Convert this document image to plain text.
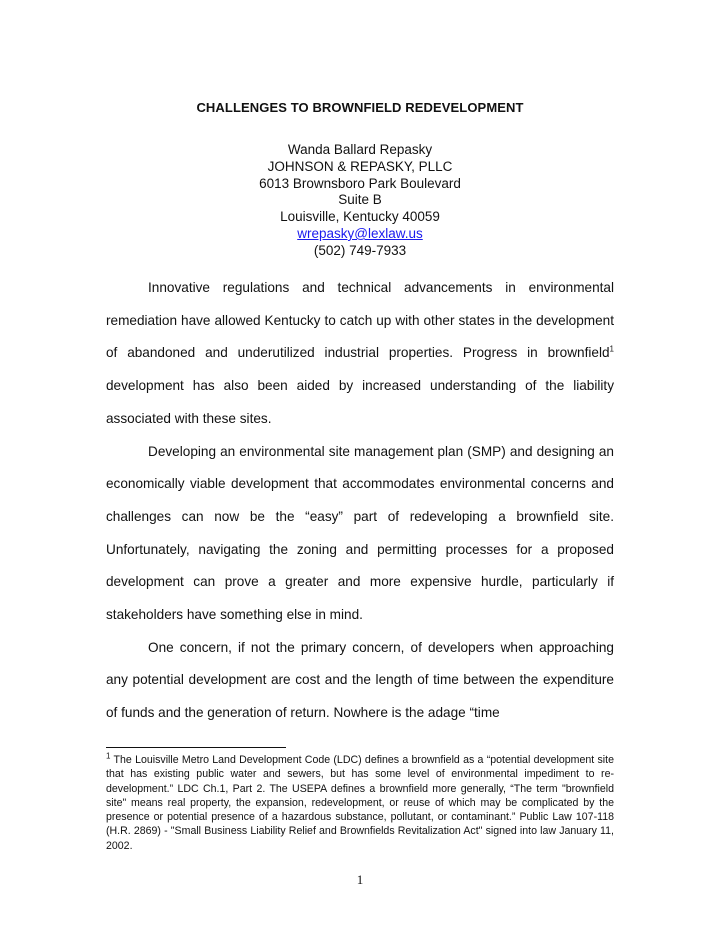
CHALLENGES TO BROWNFIELD REDEVELOPMENT
Wanda Ballard Repasky
JOHNSON & REPASKY, PLLC
6013 Brownsboro Park Boulevard
Suite B
Louisville, Kentucky 40059
wrepasky@lexlaw.us
(502) 749-7933

Innovative regulations and technical advancements in environmental remediation have allowed Kentucky to catch up with other states in the development of abandoned and underutilized industrial properties. Progress in brownfield$^1$ development has also been aided by increased understanding of the liability associated with these sites.

Developing an environmental site management plan (SMP) and designing an economically viable development that accommodates environmental concerns and challenges can now be the “easy” part of redeveloping a brownfield site. Unfortunately, navigating the zoning and permitting processes for a proposed development can prove a greater and more expensive hurdle, particularly if stakeholders have something else in mind.

One concern, if not the primary concern, of developers when approaching any potential development are cost and the length of time between the expenditure of funds and the generation of return. Nowhere is the adage “time

$^1$ The Louisville Metro Land Development Code (LDC) defines a brownfield as a “potential development site that has existing public water and sewers, but has some level of environmental impediment to re-development.” LDC Ch.1, Part 2. The USEPA defines a brownfield more generally, “The term "brownfield site" means real property, the expansion, redevelopment, or reuse of which may be complicated by the presence or potential presence of a hazardous substance, pollutant, or contaminant.” Public Law 107-118 (H.R. 2869) - "Small Business Liability Relief and Brownfields Revitalization Act" signed into law January 11, 2002.
1
